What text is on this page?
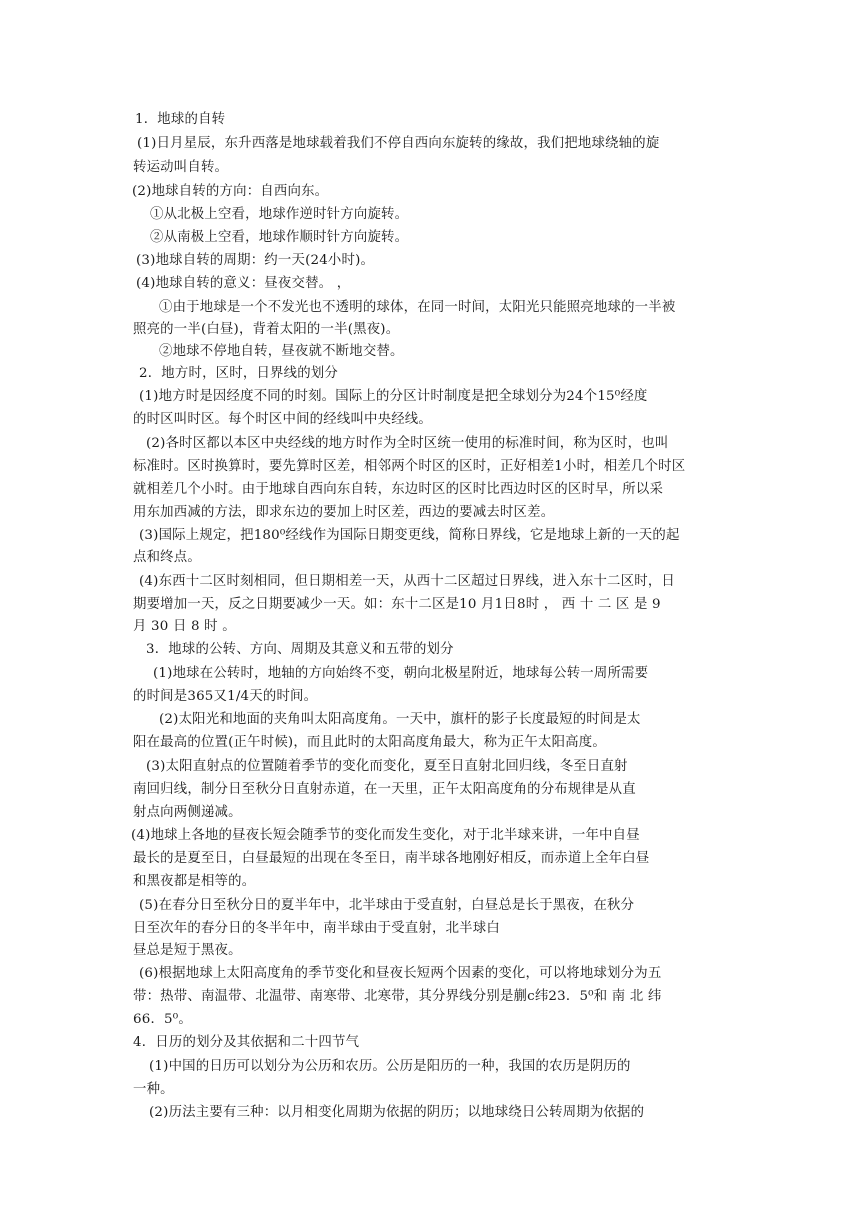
1．地球的自转
(1)日月星辰，东升西落是地球载着我们不停自西向东旋转的缘故，我们把地球绕轴的旋
转运动叫自转。
(2)地球自转的方向：自西向东。
①从北极上空看，地球作逆时针方向旋转。
②从南极上空看，地球作顺时针方向旋转。
(3)地球自转的周期：约一天(24小时)。
(4)地球自转的意义：昼夜交替。 ，
①由于地球是一个不发光也不透明的球体，在同一时间，太阳光只能照亮地球的一半被
照亮的一半(白昼)，背着太阳的一半(黑夜)。
②地球不停地自转，昼夜就不断地交替。
2．地方时，区时，日界线的划分
(1)地方时是因经度不同的时刻。国际上的分区计时制度是把全球划分为24个15⁰经度
的时区叫时区。每个时区中间的经线叫中央经线。
(2)各时区都以本区中央经线的地方时作为全时区统一使用的标准时间，称为区时，也叫
标准时。区时换算时，要先算时区差，相邻两个时区的区时，正好相差1小时，相差几个时区
就相差几个小时。由于地球自西向东自转，东边时区的区时比西边时区的区时早，所以采
用东加西减的方法，即求东边的要加上时区差，西边的要减去时区差。
(3)国际上规定，把180⁰经线作为国际日期变更线，简称日界线，它是地球上新的一天的起
点和终点。
(4)东西十二区时刻相同，但日期相差一天，从西十二区超过日界线，进入东十二区时，日
期要增加一天，反之日期要减少一天。如：东十二区是10 月1日8时 ， 西 十 二 区 是 9
月 30 日 8 时 。
3．地球的公转、方向、周期及其意义和五带的划分
(1)地球在公转时，地轴的方向始终不变，朝向北极星附近，地球每公转一周所需要
的时间是365又1/4天的时间。
(2)太阳光和地面的夹角叫太阳高度角。一天中，旗杆的影子长度最短的时间是太
阳在最高的位置(正午时候)，而且此时的太阳高度角最大，称为正午太阳高度。
(3)太阳直射点的位置随着季节的变化而变化，夏至日直射北回归线，冬至日直射
南回归线，制分日至秋分日直射赤道，在一天里，正午太阳高度角的分布规律是从直
射点向两侧递减。
(4)地球上各地的昼夜长短会随季节的变化而发生变化，对于北半球来讲，一年中自昼
最长的是夏至日，白昼最短的出现在冬至日，南半球各地刚好相反，而赤道上全年白昼
和黑夜都是相等的。
(5)在春分日至秋分日的夏半年中，北半球由于受直射，白昼总是长于黑夜，在秋分
日至次年的春分日的冬半年中，南半球由于受直射，北半球白
昼总是短于黑夜。
(6)根据地球上太阳高度角的季节变化和昼夜长短两个因素的变化，可以将地球划分为五
带：热带、南温带、北温带、南寒带、北寒带，其分界线分别是蒯c纬23．5⁰和 南 北 纬
66．5⁰。
4．日历的划分及其依据和二十四节气
(1)中国的日历可以划分为公历和农历。公历是阳历的一种，我国的农历是阴历的
一种。
(2)历法主要有三种：以月相变化周期为依据的阴历；以地球绕日公转周期为依据的
